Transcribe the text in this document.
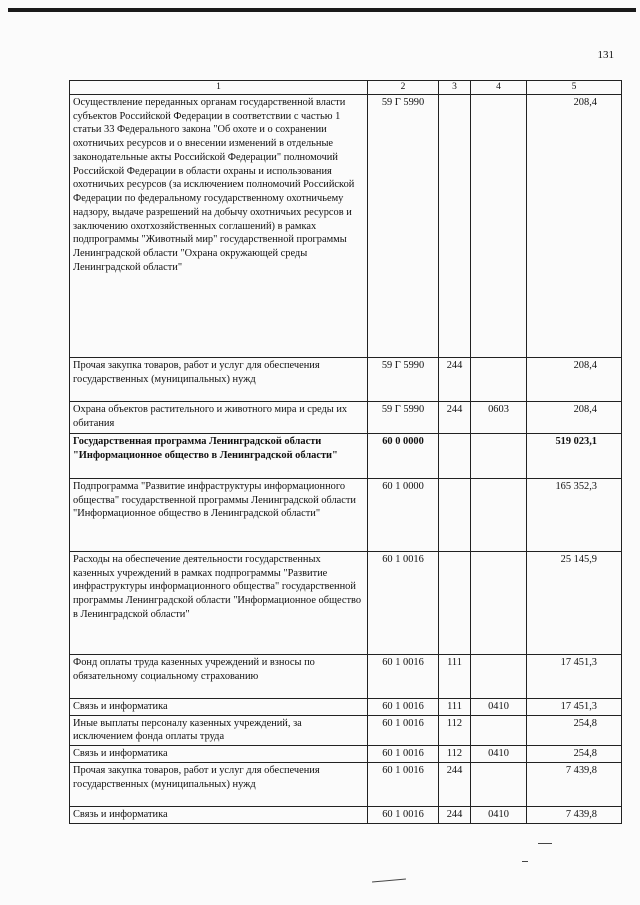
131
1	2	3	4	5
Осуществление переданных органам государственной власти субъектов Российской Федерации в соответствии с частью 1 статьи 33 Федерального закона "Об охоте и о сохранении охотничьих ресурсов и о внесении изменений в отдельные законодательные акты Российской Федерации" полномочий Российской Федерации в области охраны и использования охотничьих ресурсов (за исключением полномочий Российской Федерации по федеральному государственному охотничьему надзору, выдаче разрешений на добычу охотничьих ресурсов и заключению охотхозяйственных соглашений) в рамках подпрограммы "Животный мир" государственной программы Ленинградской области "Охрана окружающей среды Ленинградской области"	59 Г 5990			208,4
Прочая закупка товаров, работ и услуг для обеспечения государственных (муниципальных) нужд	59 Г 5990	244		208,4
Охрана объектов растительного и животного мира и среды их обитания	59 Г 5990	244	0603	208,4
Государственная программа Ленинградской области "Информационное общество в Ленинградской области"	60 0 0000			519 023,1
Подпрограмма "Развитие инфраструктуры информационного общества" государственной программы Ленинградской области "Информационное общество в Ленинградской области"	60 1 0000			165 352,3
Расходы на обеспечение деятельности государственных казенных учреждений в рамках подпрограммы "Развитие инфраструктуры информационного общества" государственной программы Ленинградской области "Информационное общество в Ленинградской области"	60 1 0016			25 145,9
Фонд оплаты труда казенных учреждений и взносы по обязательному социальному страхованию	60 1 0016	111		17 451,3
Связь и информатика	60 1 0016	111	0410	17 451,3
Иные выплаты персоналу казенных учреждений, за исключением фонда оплаты труда	60 1 0016	112		254,8
Связь и информатика	60 1 0016	112	0410	254,8
Прочая закупка товаров, работ и услуг для обеспечения государственных (муниципальных) нужд	60 1 0016	244		7 439,8
Связь и информатика	60 1 0016	244	0410	7 439,8
